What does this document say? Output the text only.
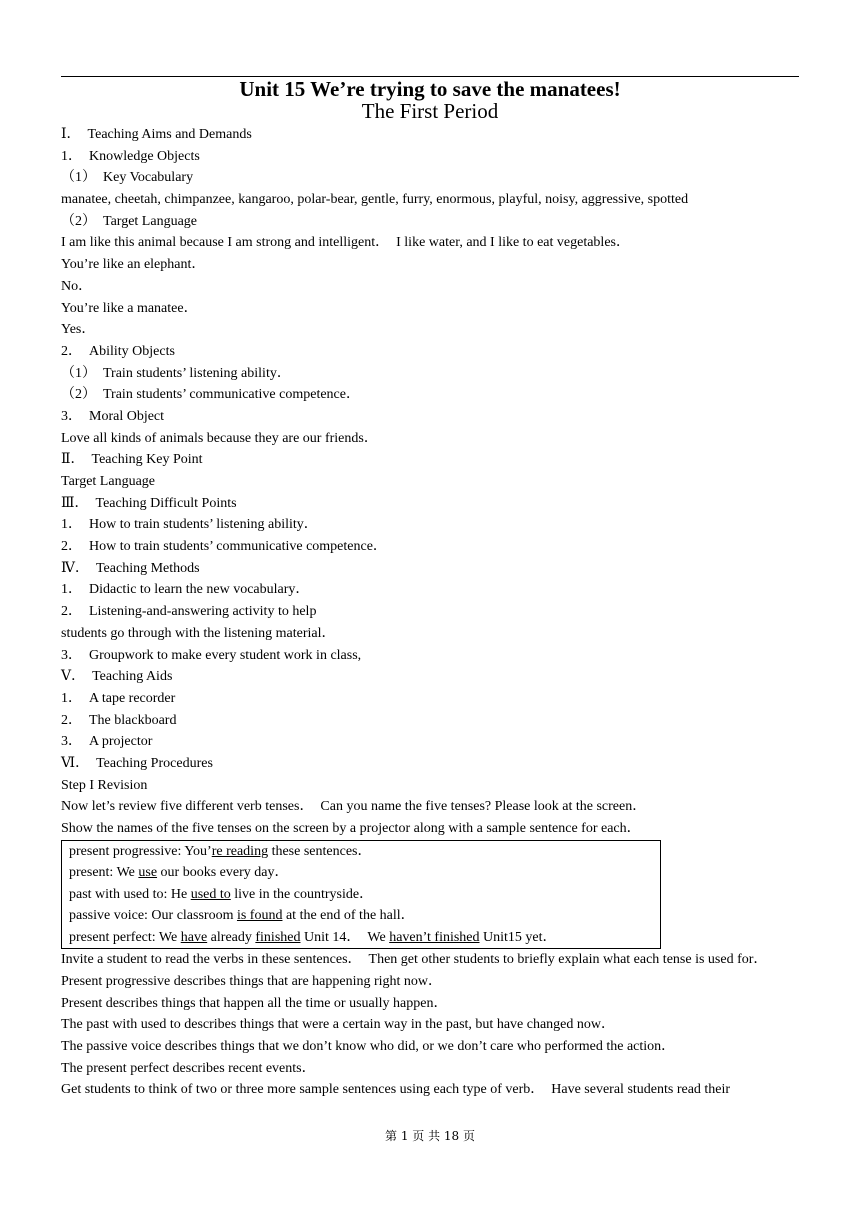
Unit 15 We’re trying to save the manatees!
The First Period
Ⅰ．　Teaching Aims and Demands
1．　Knowledge Objects
（1）　Key Vocabulary
manatee, cheetah, chimpanzee, kangaroo, polar-bear, gentle, furry, enormous, playful, noisy, aggressive, spotted
（2）　Target Language
I am like this animal because I am strong and intelligent．　I like water, and I like to eat vegetables．
You’re like an elephant．
No．
You’re like a manatee．
Yes．
2．　Ability Objects
（1）　Train students’ listening ability．
（2）　Train students’ communicative competence．
3．　Moral Object
Love all kinds of animals because they are our friends．
Ⅱ．　Teaching Key Point
Target Language
Ⅲ．　Teaching Difficult Points
1．　How to train students’ listening ability．
2．　How to train students’ communicative competence．
Ⅳ．　Teaching Methods
1．　Didactic to learn the new vocabulary．
2．　Listening-and-answering activity to help
students go through with the listening material．
3．　Groupwork to make every student work in class,
Ⅴ．　Teaching Aids
1．　A tape recorder
2．　The blackboard
3．　A projector
Ⅵ．　Teaching Procedures
Step I Revision
Now let’s review five different verb tenses．　Can you name the five tenses? Please look at the screen．
Show the names of the five tenses on the screen by a projector along with a sample sentence for each．
present progressive: You’re reading these sentences．
present: We use our books every day．
past with used to: He used to live in the countryside．
passive voice: Our classroom is found at the end of the hall．
present perfect: We have already finished Unit 14．　We haven’t finished Unit15 yet．
Invite a student to read the verbs in these sentences．　Then get other students to briefly explain what each tense is used for．
Present progressive describes things that are happening right now．
Present describes things that happen all the time or usually happen．
The past with used to describes things that were a certain way in the past, but have changed now．
The passive voice describes things that we don’t know who did, or we don’t care who performed the action．
The present perfect describes recent events．
Get students to think of two or three more sample sentences using each type of verb．　Have several students read their
第 1 页 共 18 页
